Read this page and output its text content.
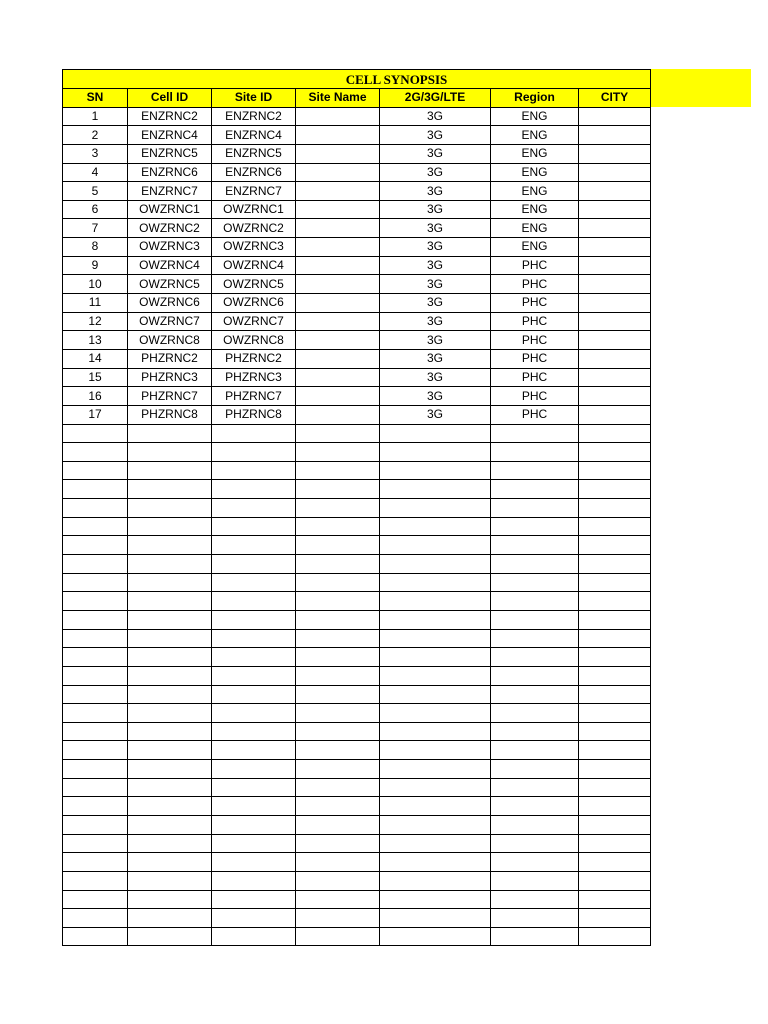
CELL SYNOPSIS						
SN	Cell ID	Site ID	Site Name	2G/3G/LTE	Region	CITY
1	ENZRNC2	ENZRNC2		3G	ENG	
2	ENZRNC4	ENZRNC4		3G	ENG	
3	ENZRNC5	ENZRNC5		3G	ENG	
4	ENZRNC6	ENZRNC6		3G	ENG	
5	ENZRNC7	ENZRNC7		3G	ENG	
6	OWZRNC1	OWZRNC1		3G	ENG	
7	OWZRNC2	OWZRNC2		3G	ENG	
8	OWZRNC3	OWZRNC3		3G	ENG	
9	OWZRNC4	OWZRNC4		3G	PHC	
10	OWZRNC5	OWZRNC5		3G	PHC	
11	OWZRNC6	OWZRNC6		3G	PHC	
12	OWZRNC7	OWZRNC7		3G	PHC	
13	OWZRNC8	OWZRNC8		3G	PHC	
14	PHZRNC2	PHZRNC2		3G	PHC	
15	PHZRNC3	PHZRNC3		3G	PHC	
16	PHZRNC7	PHZRNC7		3G	PHC	
17	PHZRNC8	PHZRNC8		3G	PHC	
